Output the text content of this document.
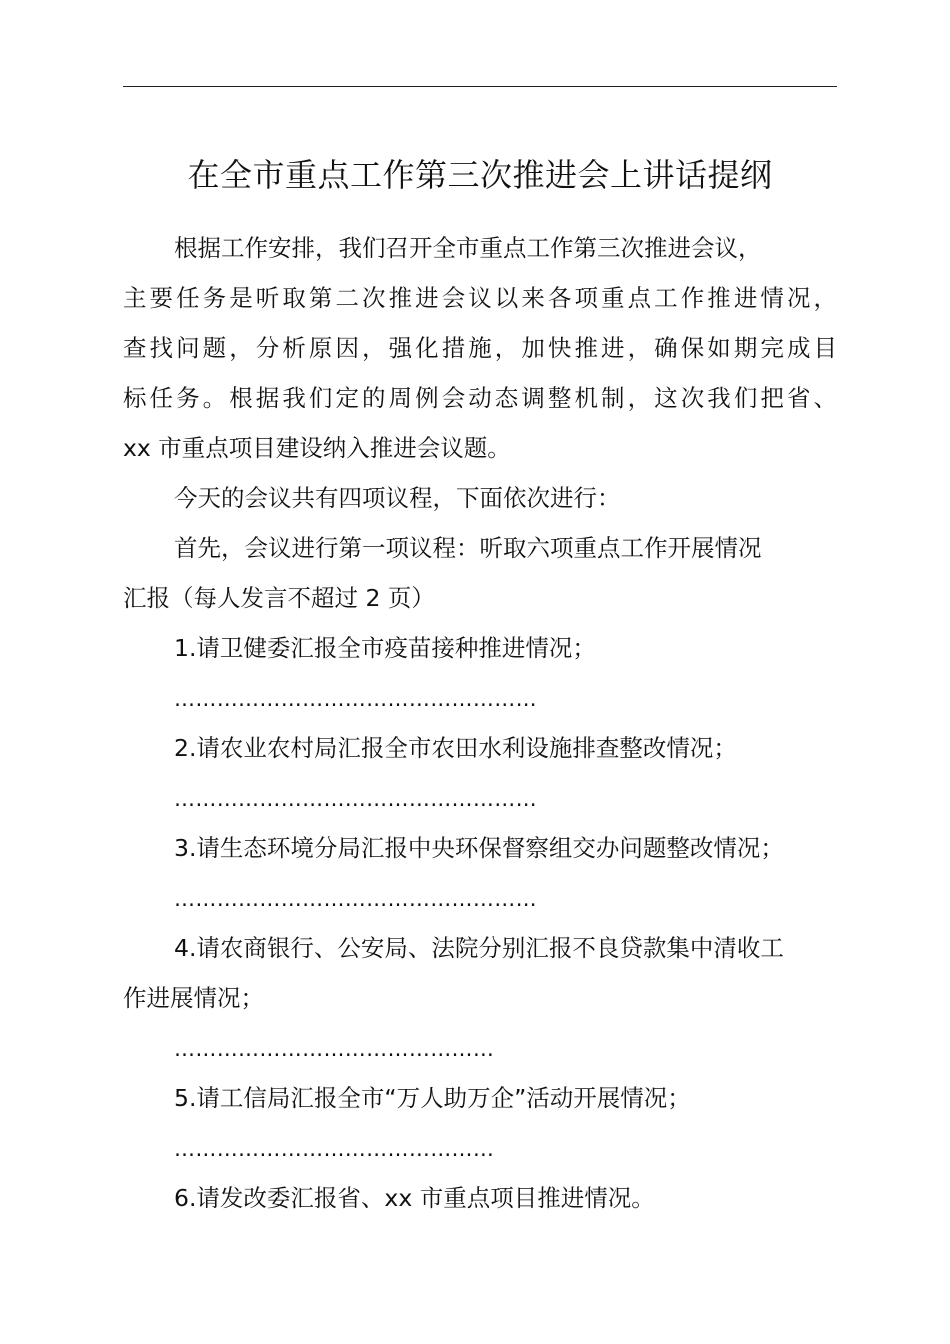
在全市重点工作第三次推进会上讲话提纲
根据工作安排，我们召开全市重点工作第三次推进会议，
主要任务是听取第二次推进会议以来各项重点工作推进情况，
查找问题，分析原因，强化措施，加快推进，确保如期完成目
标任务。根据我们定的周例会动态调整机制，这次我们把省、
xx 市重点项目建设纳入推进会议题。
今天的会议共有四项议程，下面依次进行：
首先，会议进行第一项议程：听取六项重点工作开展情况
汇报（每人发言不超过 2 页）
1.请卫健委汇报全市疫苗接种推进情况；
……………………………………………
2.请农业农村局汇报全市农田水利设施排查整改情况；
……………………………………………
3.请生态环境分局汇报中央环保督察组交办问题整改情况；
……………………………………………
4.请农商银行、公安局、法院分别汇报不良贷款集中清收工
作进展情况；
………………………………………
5.请工信局汇报全市“万人助万企”活动开展情况；
………………………………………
6.请发改委汇报省、xx 市重点项目推进情况。
